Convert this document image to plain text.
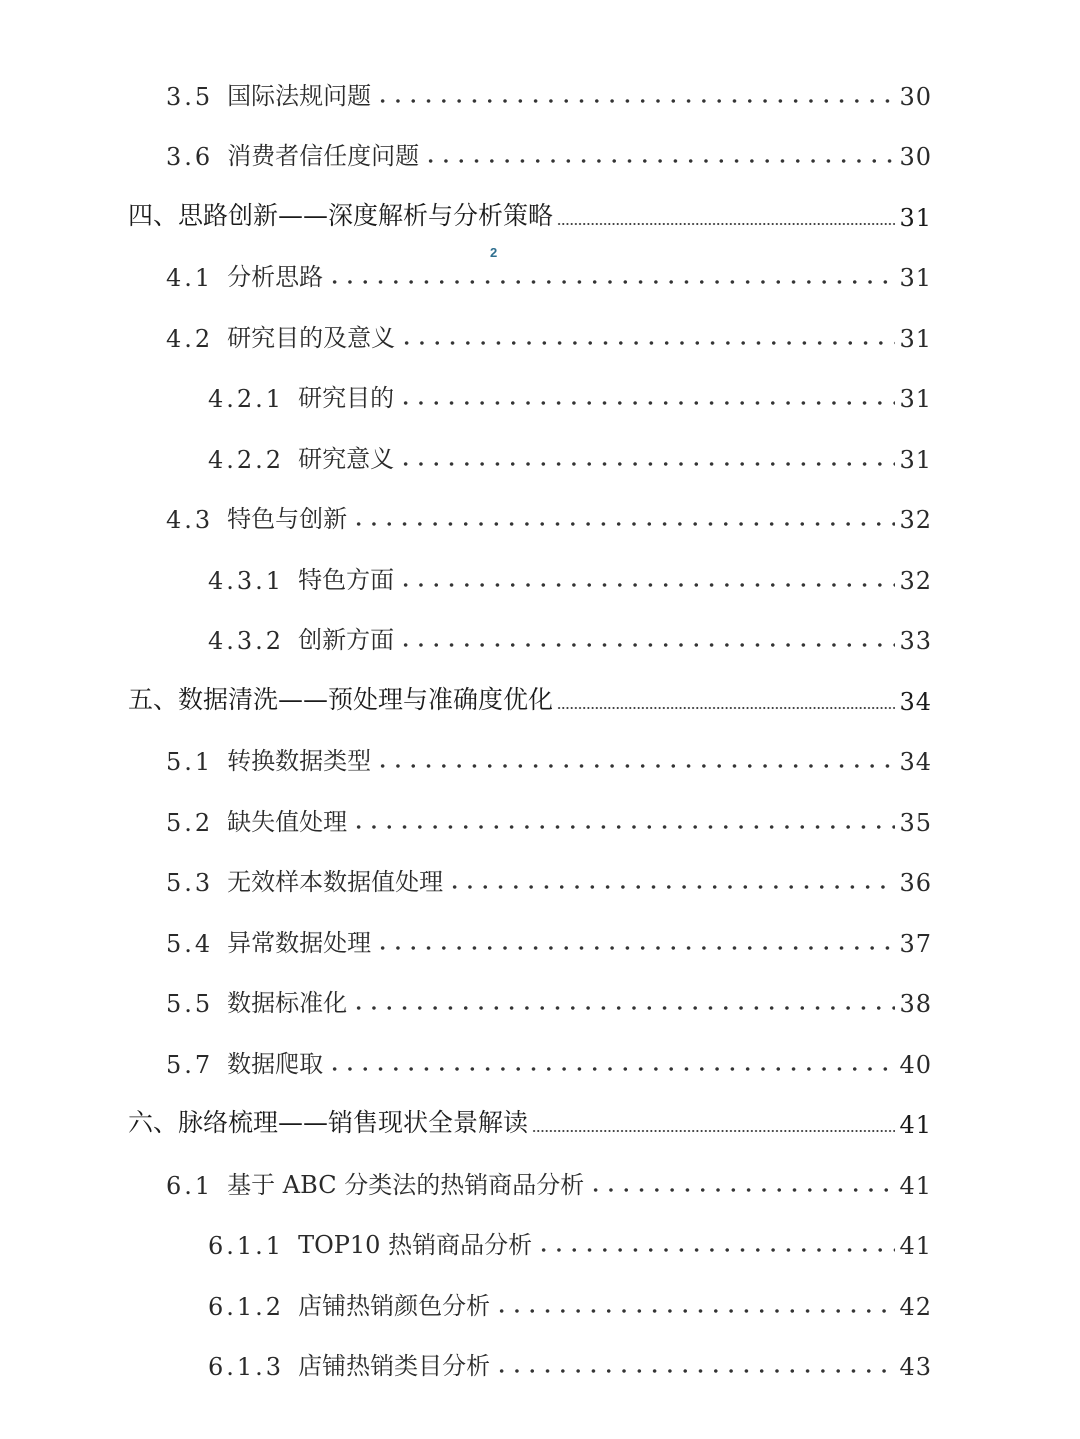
2
3.5 国际法规问题	30
3.6 消费者信任度问题	30
四、 思路创新——深度解析与分析策略	31
4.1 分析思路	31
4.2 研究目的及意义	31
4.2.1 研究目的	31
4.2.2 研究意义	31
4.3 特色与创新	32
4.3.1 特色方面	32
4.3.2 创新方面	33
五、 数据清洗——预处理与准确度优化	34
5.1 转换数据类型	34
5.2 缺失值处理	35
5.3 无效样本数据值处理	36
5.4 异常数据处理	37
5.5 数据标准化	38
5.7 数据爬取	40
六、 脉络梳理——销售现状全景解读	41
6.1 基于 ABC 分类法的热销商品分析	41
6.1.1 TOP10 热销商品分析	41
6.1.2 店铺热销颜色分析	42
6.1.3 店铺热销类目分析	43
